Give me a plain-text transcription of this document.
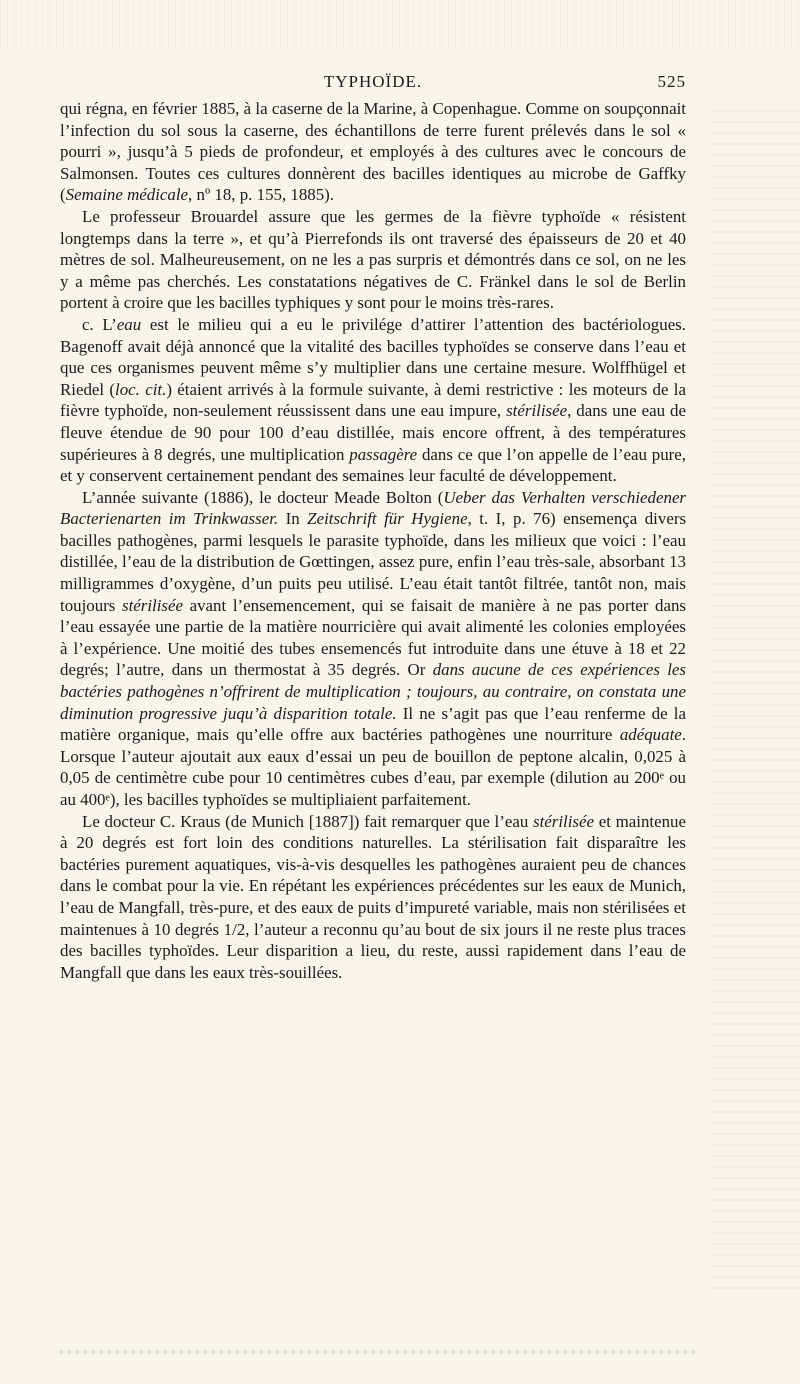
TYPHOÏDE.	525

qui régna, en février 1885, à la caserne de la Marine, à Copenhague. Comme on soupçonnait l’infection du sol sous la caserne, des échantillons de terre furent prélevés dans le sol « pourri », jusqu’à 5 pieds de profondeur, et employés à des cultures avec le concours de Salmonsen. Toutes ces cultures donnèrent des bacilles identiques au microbe de Gaffky (Semaine médicale, nº 18, p. 155, 1885).

Le professeur Brouardel assure que les germes de la fièvre typhoïde « résistent longtemps dans la terre », et qu’à Pierrefonds ils ont traversé des épaisseurs de 20 et 40 mètres de sol. Malheureusement, on ne les a pas surpris et démontrés dans ce sol, on ne les y a même pas cherchés. Les constatations négatives de C. Fränkel dans le sol de Berlin portent à croire que les bacilles typhiques y sont pour le moins très-rares.

c. L’eau est le milieu qui a eu le privilége d’attirer l’attention des bactériologues. Bagenoff avait déjà annoncé que la vitalité des bacilles typhoïdes se conserve dans l’eau et que ces organismes peuvent même s’y multiplier dans une certaine mesure. Wolffhügel et Riedel (loc. cit.) étaient arrivés à la formule suivante, à demi restrictive : les moteurs de la fièvre typhoïde, non-seulement réussissent dans une eau impure, stérilisée, dans une eau de fleuve étendue de 90 pour 100 d’eau distillée, mais encore offrent, à des températures supérieures à 8 degrés, une multiplication passagère dans ce que l’on appelle de l’eau pure, et y conservent certainement pendant des semaines leur faculté de développement.

L’année suivante (1886), le docteur Meade Bolton (Ueber das Verhalten verschiedener Bacterienarten im Trinkwasser. In Zeitschrift für Hygiene, t. I, p. 76) ensemença divers bacilles pathogènes, parmi lesquels le parasite typhoïde, dans les milieux que voici : l’eau distillée, l’eau de la distribution de Gœttingen, assez pure, enfin l’eau très-sale, absorbant 13 milligrammes d’oxygène, d’un puits peu utilisé. L’eau était tantôt filtrée, tantôt non, mais toujours stérilisée avant l’ensemencement, qui se faisait de manière à ne pas porter dans l’eau essayée une partie de la matière nourricière qui avait alimenté les colonies employées à l’expérience. Une moitié des tubes ensemencés fut introduite dans une étuve à 18 et 22 degrés; l’autre, dans un thermostat à 35 degrés. Or dans aucune de ces expériences les bactéries pathogènes n’offrirent de multiplication ; toujours, au contraire, on constata une diminution progressive juqu’à disparition totale. Il ne s’agit pas que l’eau renferme de la matière organique, mais qu’elle offre aux bactéries pathogènes une nourriture adéquate. Lorsque l’auteur ajoutait aux eaux d’essai un peu de bouillon de peptone alcalin, 0,025 à 0,05 de centimètre cube pour 10 centimètres cubes d’eau, par exemple (dilution au 200ᵉ ou au 400ᵉ), les bacilles typhoïdes se multipliaient parfaitement.

Le docteur C. Kraus (de Munich [1887]) fait remarquer que l’eau stérilisée et maintenue à 20 degrés est fort loin des conditions naturelles. La stérilisation fait disparaître les bactéries purement aquatiques, vis-à-vis desquelles les pathogènes auraient peu de chances dans le combat pour la vie. En répétant les expériences précédentes sur les eaux de Munich, l’eau de Mangfall, très-pure, et des eaux de puits d’impureté variable, mais non stérilisées et maintenues à 10 degrés 1/2, l’auteur a reconnu qu’au bout de six jours il ne reste plus traces des bacilles typhoïdes. Leur disparition a lieu, du reste, aussi rapidement dans l’eau de Mangfall que dans les eaux très-souillées.
